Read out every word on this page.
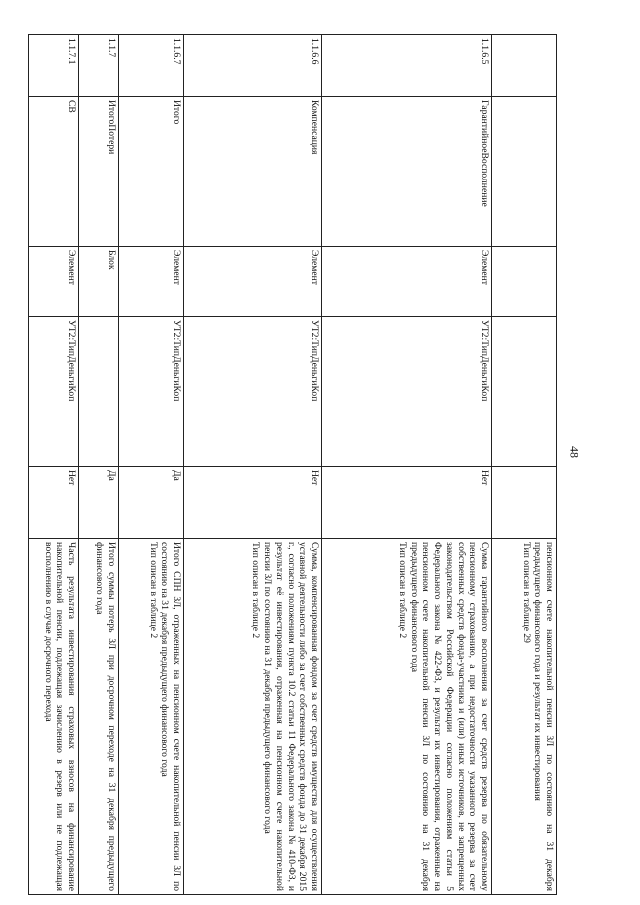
48

					пенсионном счете накопительной пенсии ЗЛ по состоянию на 31 декабря предыдущего финансового года и результат их инвестирования
Тип описан в таблице 29

1.1.6.5	ГарантийноеВосполнение	Элемент	УТ2:ТипДеньгиКоп	Нет	Сумма гарантийного восполнения за счет средств резерва по обязательному пенсионному страхованию, а при недостаточности указанного резерва за счет собственных средств фонда-участника и (или) иных источников, не запрещенных законодательством Российской Федерации согласно положениям статьи 5 Федерального закона № 422-ФЗ, и результат их инвестирования, отраженные на пенсионном счете накопительной пенсии ЗЛ по состоянию на 31 декабря предыдущего финансового года
Тип описан в таблице 2

1.1.6.6	Компенсация	Элемент	УТ2:ТипДеньгиКоп	Нет	Сумма, компенсированная фондом за счет средств имущества для осуществления уставной деятельности либо за счет собственных средств фонда до 31 декабря 2015 г., согласно положениям пункта 10.2 статьи 11 Федерального закона № 410-ФЗ, и результат её инвестирования, отраженная на пенсионном счете накопительной пенсии ЗЛ по состоянию на 31 декабря предыдущего финансового года
Тип описан в таблице 2

1.1.6.7	Итого	Элемент	УТ2:ТипДеньгиКоп	Да	Итого СПН ЗЛ, отраженных на пенсионном счете накопительной пенсии ЗЛ по состоянию на 31 декабря предыдущего финансового года
Тип описан в таблице 2

1.1.7	ИтогоПотери	Блок		Да	Итого суммы потерь ЗЛ при досрочном переходе на 31 декабря предыдущего финансового года

1.1.7.1	СВ	Элемент	УТ2:ТипДеньгиКоп	Нет	Часть результата инвестирования страховых взносов на финансирование накопительной пенсии, подлежащая зачислению в резерв или не подлежащая восполнению в случае досрочного перехода
